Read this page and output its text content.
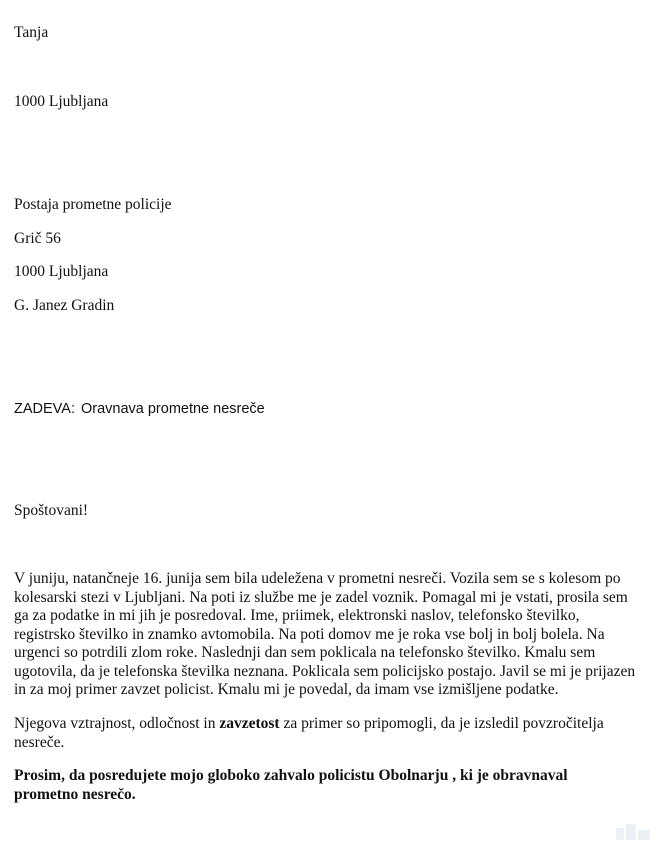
Tanja
1000 Ljubljana
Postaja prometne policije
Grič 56
1000 Ljubljana
G. Janez Gradin
ZADEVA: Oravnava prometne nesreče
Spoštovani!
V juniju, natančneje 16. junija sem bila udeležena v prometni nesreči. Vozila sem se s kolesom po
kolesarski stezi v Ljubljani. Na poti iz službe me je zadel voznik. Pomagal mi je vstati, prosila sem
ga za podatke in mi jih je posredoval. Ime, priimek, elektronski naslov, telefonsko številko,
registrsko številko in znamko avtomobila. Na poti domov me je roka vse bolj in bolj bolela. Na
urgenci so potrdili zlom roke. Naslednji dan sem poklicala na telefonsko številko. Kmalu sem
ugotovila, da je telefonska številka neznana. Poklicala sem policijsko postajo. Javil se mi je prijazen
in za moj primer zavzet policist. Kmalu mi je povedal, da imam vse izmišljene podatke.
Njegova vztrajnost, odločnost in zavzetost za primer so pripomogli, da je izsledil povzročitelja
nesreče.
Prosim, da posredujete mojo globoko zahvalo policistu Obolnarju , ki je obravnaval
prometno nesrečo.
